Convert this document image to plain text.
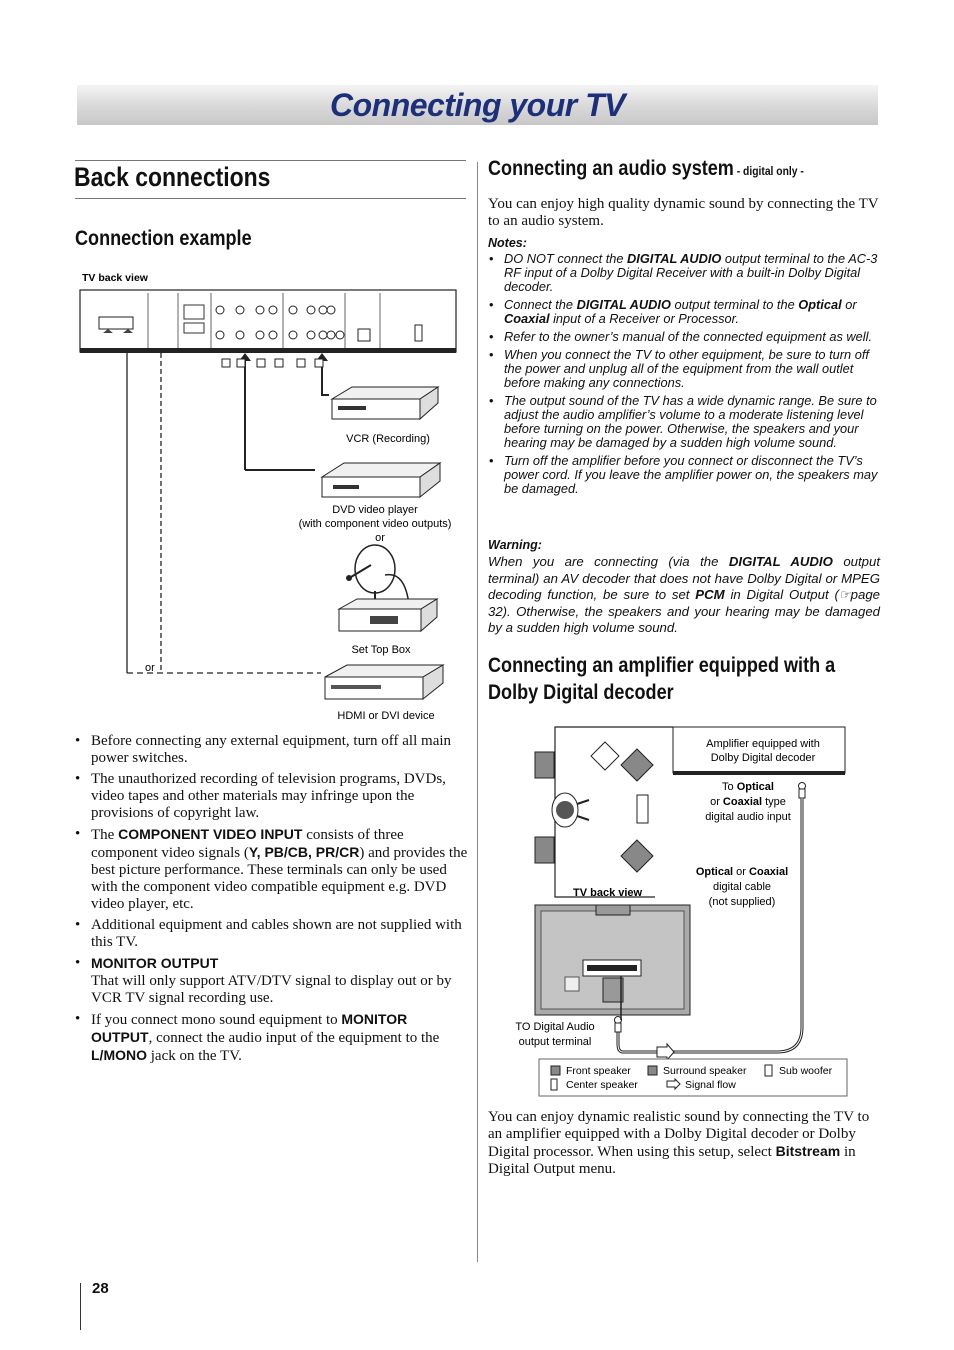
Connecting your TV
Back connections
Connection example
TV back view
VCR (Recording)
DVD video player
(with component video outputs)
or
Set Top Box
or
HDMI or DVI device
• Before connecting any external equipment, turn off all main power switches.
• The unauthorized recording of television programs, DVDs, video tapes and other materials may infringe upon the provisions of copyright law.
• The COMPONENT VIDEO INPUT consists of three component video signals (Y, PB/CB, PR/CR) and provides the best picture performance. These terminals can only be used with the component video compatible equipment e.g. DVD video player, etc.
• Additional equipment and cables shown are not supplied with this TV.
• MONITOR OUTPUT
That will only support ATV/DTV signal to display out or by VCR TV signal recording use.
• If you connect mono sound equipment to MONITOR OUTPUT, connect the audio input of the equipment to the L/MONO jack on the TV.
Connecting an audio system - digital only -
You can enjoy high quality dynamic sound by connecting the TV to an audio system.
Notes:
• DO NOT connect the DIGITAL AUDIO output terminal to the AC-3 RF input of a Dolby Digital Receiver with a built-in Dolby Digital decoder.
• Connect the DIGITAL AUDIO output terminal to the Optical or Coaxial input of a Receiver or Processor.
• Refer to the owner’s manual of the connected equipment as well.
• When you connect the TV to other equipment, be sure to turn off the power and unplug all of the equipment from the wall outlet before making any connections.
• The output sound of the TV has a wide dynamic range. Be sure to adjust the audio amplifier’s volume to a moderate listening level before turning on the power. Otherwise, the speakers and your hearing may be damaged by a sudden high volume sound.
• Turn off the amplifier before you connect or disconnect the TV’s power cord. If you leave the amplifier power on, the speakers may be damaged.
Warning:
When you are connecting (via the DIGITAL AUDIO output terminal) an AV decoder that does not have Dolby Digital or MPEG decoding function, be sure to set PCM in Digital Output (☞page 32). Otherwise, the speakers and your hearing may be damaged by a sudden high volume sound.
Connecting an amplifier equipped with a Dolby Digital decoder
Amplifier equipped with
Dolby Digital decoder
To Optical
or Coaxial type
digital audio input
Optical or Coaxial
digital cable
(not supplied)
TV back view
TO Digital Audio
output terminal
Front speaker	Surround speaker	Sub woofer
Center speaker	Signal flow
You can enjoy dynamic realistic sound by connecting the TV to an amplifier equipped with a Dolby Digital decoder or Dolby Digital processor. When using this setup, select Bitstream in Digital Output menu.
28
